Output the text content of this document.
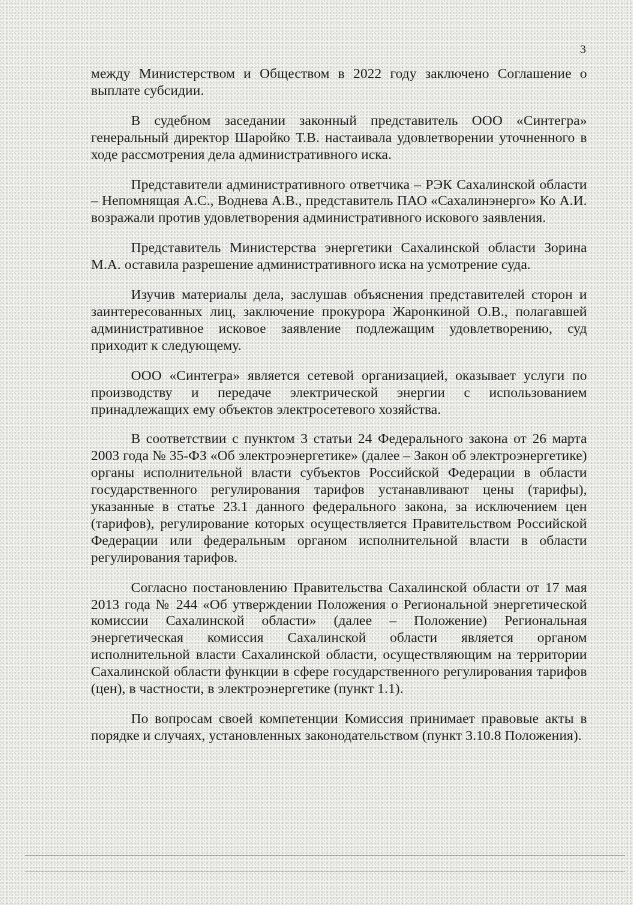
3

между Министерством и Обществом в 2022 году заключено Соглашение о выплате субсидии.

В судебном заседании законный представитель ООО «Синтегра» генеральный директор Шаройко Т.В. настаивала удовлетворении уточненного в ходе рассмотрения дела административного иска.

Представители административного ответчика – РЭК Сахалинской области – Непомнящая А.С., Воднева А.В., представитель ПАО «Сахалинэнерго» Ко А.И. возражали против удовлетворения административного искового заявления.

Представитель Министерства энергетики Сахалинской области Зорина М.А. оставила разрешение административного иска на усмотрение суда.

Изучив материалы дела, заслушав объяснения представителей сторон и заинтересованных лиц, заключение прокурора Жаронкиной О.В., полагавшей административное исковое заявление подлежащим удовлетворению, суд приходит к следующему.

ООО «Синтегра» является сетевой организацией, оказывает услуги по производству и передаче электрической энергии с использованием принадлежащих ему объектов электросетевого хозяйства.

В соответствии с пунктом 3 статьи 24 Федерального закона от 26 марта 2003 года № 35-ФЗ «Об электроэнергетике» (далее – Закон об электроэнергетике) органы исполнительной власти субъектов Российской Федерации в области государственного регулирования тарифов устанавливают цены (тарифы), указанные в статье 23.1 данного федерального закона, за исключением цен (тарифов), регулирование которых осуществляется Правительством Российской Федерации или федеральным органом исполнительной власти в области регулирования тарифов.

Согласно постановлению Правительства Сахалинской области от 17 мая 2013 года № 244 «Об утверждении Положения о Региональной энергетической комиссии Сахалинской области» (далее – Положение) Региональная энергетическая комиссия Сахалинской области является органом исполнительной власти Сахалинской области, осуществляющим на территории Сахалинской области функции в сфере государственного регулирования тарифов (цен), в частности, в электроэнергетике (пункт 1.1).

По вопросам своей компетенции Комиссия принимает правовые акты в порядке и случаях, установленных законодательством (пункт 3.10.8 Положения).
